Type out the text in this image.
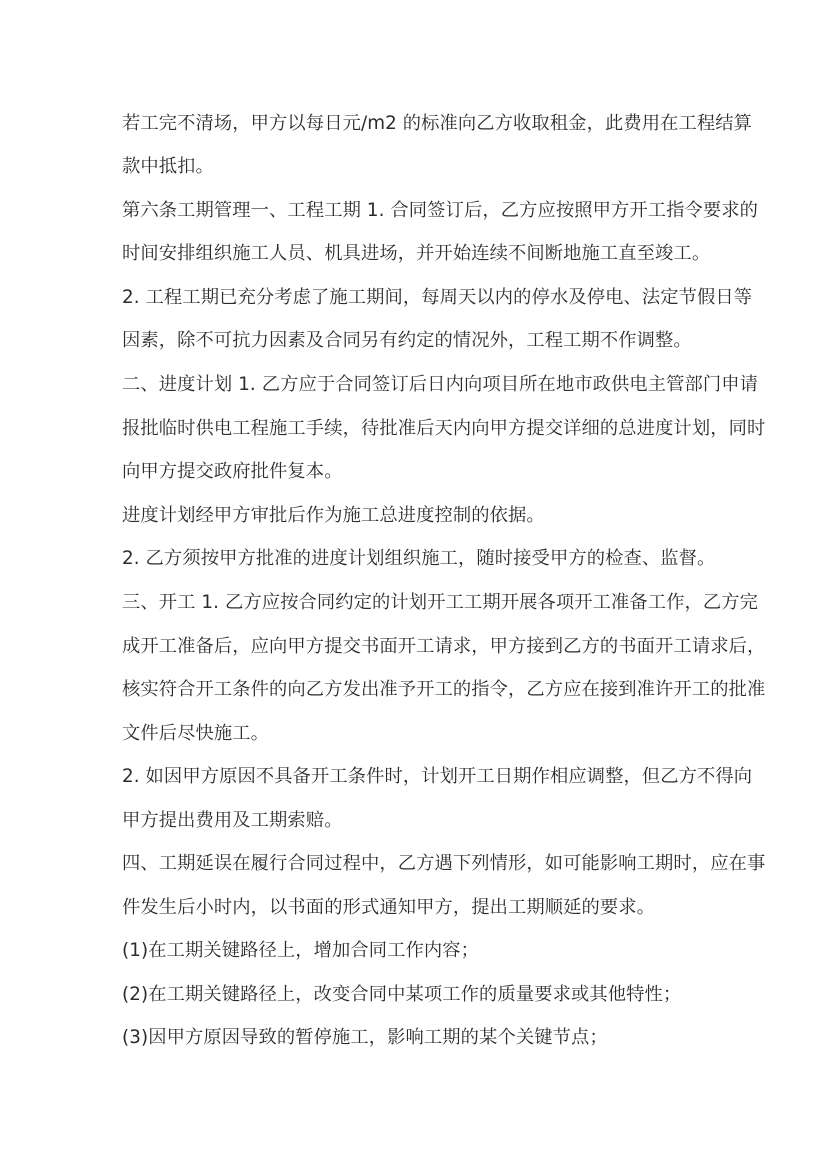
若工完不清场，甲方以每日元/m2 的标准向乙方收取租金，此费用在工程结算
款中抵扣。
第六条工期管理一、工程工期 1. 合同签订后，乙方应按照甲方开工指令要求的
时间安排组织施工人员、机具进场，并开始连续不间断地施工直至竣工。
2. 工程工期已充分考虑了施工期间，每周天以内的停水及停电、法定节假日等
因素，除不可抗力因素及合同另有约定的情况外，工程工期不作调整。
二、进度计划 1. 乙方应于合同签订后日内向项目所在地市政供电主管部门申请
报批临时供电工程施工手续，待批准后天内向甲方提交详细的总进度计划，同时
向甲方提交政府批件复本。
进度计划经甲方审批后作为施工总进度控制的依据。
2. 乙方须按甲方批准的进度计划组织施工，随时接受甲方的检查、监督。
三、开工 1. 乙方应按合同约定的计划开工工期开展各项开工准备工作，乙方完
成开工准备后，应向甲方提交书面开工请求，甲方接到乙方的书面开工请求后，
核实符合开工条件的向乙方发出准予开工的指令，乙方应在接到准许开工的批准
文件后尽快施工。
2. 如因甲方原因不具备开工条件时，计划开工日期作相应调整，但乙方不得向
甲方提出费用及工期索赔。
四、工期延误在履行合同过程中，乙方遇下列情形，如可能影响工期时，应在事
件发生后小时内，以书面的形式通知甲方，提出工期顺延的要求。
(1)在工期关键路径上，增加合同工作内容；
(2)在工期关键路径上，改变合同中某项工作的质量要求或其他特性；
(3)因甲方原因导致的暂停施工，影响工期的某个关键节点；
